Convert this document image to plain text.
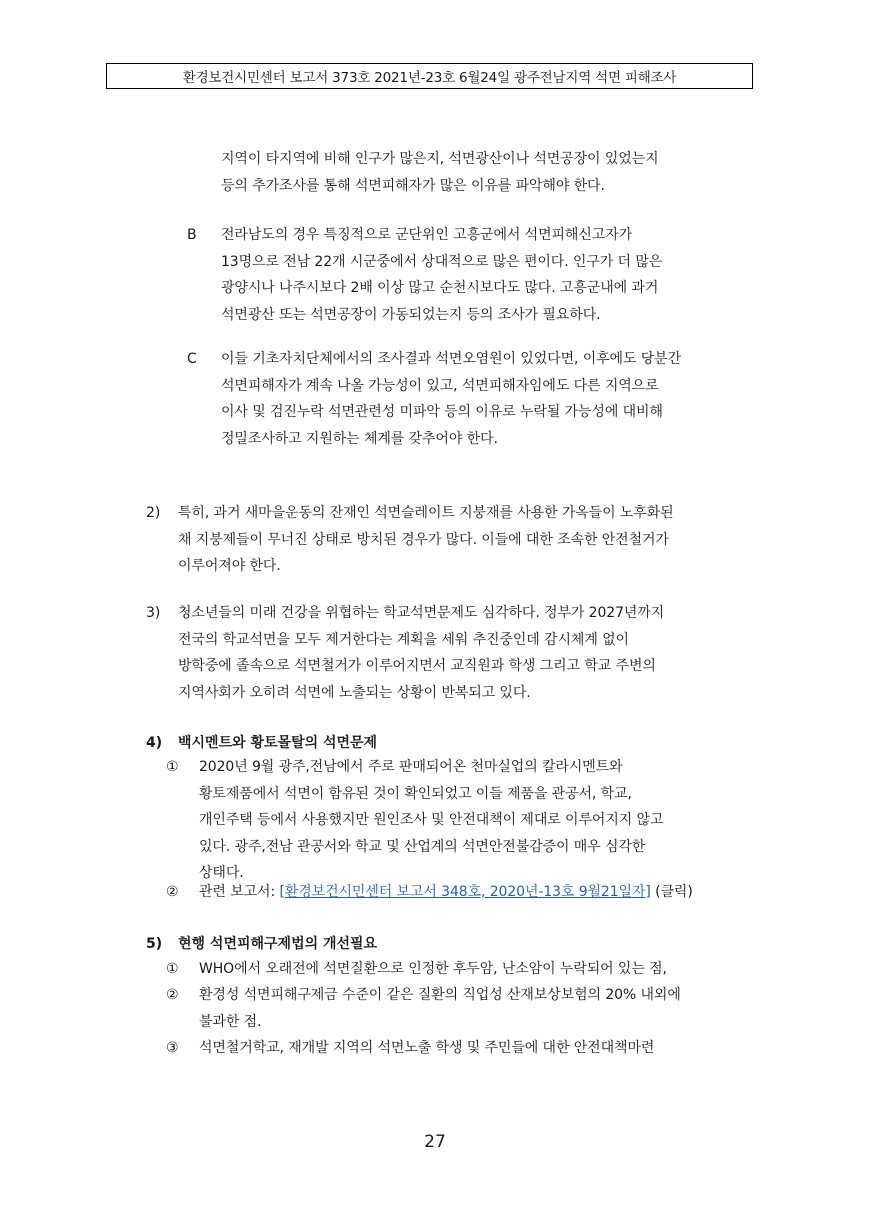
환경보건시민센터 보고서 373호 2021년-23호 6월24일 광주전남지역 석면 피해조사
지역이 타지역에 비해 인구가 많은지, 석면광산이나 석면공장이 있었는지
등의 추가조사를 통해 석면피해자가 많은 이유를 파악해야 한다.
B 전라남도의 경우 특징적으로 군단위인 고흥군에서 석면피해신고자가
13명으로 전남 22개 시군중에서 상대적으로 많은 편이다. 인구가 더 많은
광양시나 나주시보다 2배 이상 많고 순천시보다도 많다. 고흥군내에 과거
석면광산 또는 석면공장이 가동되었는지 등의 조사가 필요하다.
C 이들 기초자치단체에서의 조사결과 석면오염원이 있었다면, 이후에도 당분간
석면피해자가 계속 나올 가능성이 있고, 석면피해자임에도 다른 지역으로
이사 및 검진누락 석면관련성 미파악 등의 이유로 누락될 가능성에 대비해
정밀조사하고 지원하는 체계를 갖추어야 한다.
2) 특히, 과거 새마을운동의 잔재인 석면슬레이트 지붕재를 사용한 가옥들이 노후화된
채 지붕제들이 무너진 상태로 방치된 경우가 많다. 이들에 대한 조속한 안전철거가
이루어져야 한다.
3) 청소년들의 미래 건강을 위협하는 학교석면문제도 심각하다. 정부가 2027년까지
전국의 학교석면을 모두 제거한다는 계획을 세워 추진중인데 감시체계 없이
방학중에 졸속으로 석면철거가 이루어지면서 교직원과 학생 그리고 학교 주변의
지역사회가 오히려 석면에 노출되는 상황이 반복되고 있다.
4) 백시멘트와 황토몰탈의 석면문제
① 2020년 9월 광주,전남에서 주로 판매되어온 천마실업의 칼라시멘트와
황토제품에서 석면이 함유된 것이 확인되었고 이들 제품을 관공서, 학교,
개인주택 등에서 사용했지만 원인조사 및 안전대책이 제대로 이루어지지 않고
있다. 광주,전남 관공서와 학교 및 산업계의 석면안전불감증이 매우 심각한
상태다.
② 관련 보고서: [환경보건시민센터 보고서 348호, 2020년-13호 9월21일자] (클릭)
5) 현행 석면피해구제법의 개선필요
① WHO에서 오래전에 석면질환으로 인정한 후두암, 난소암이 누락되어 있는 점,
② 환경성 석면피해구제금 수준이 같은 질환의 직업성 산재보상보험의 20% 내외에
불과한 점.
③ 석면철거학교, 재개발 지역의 석면노출 학생 및 주민들에 대한 안전대책마련
27
